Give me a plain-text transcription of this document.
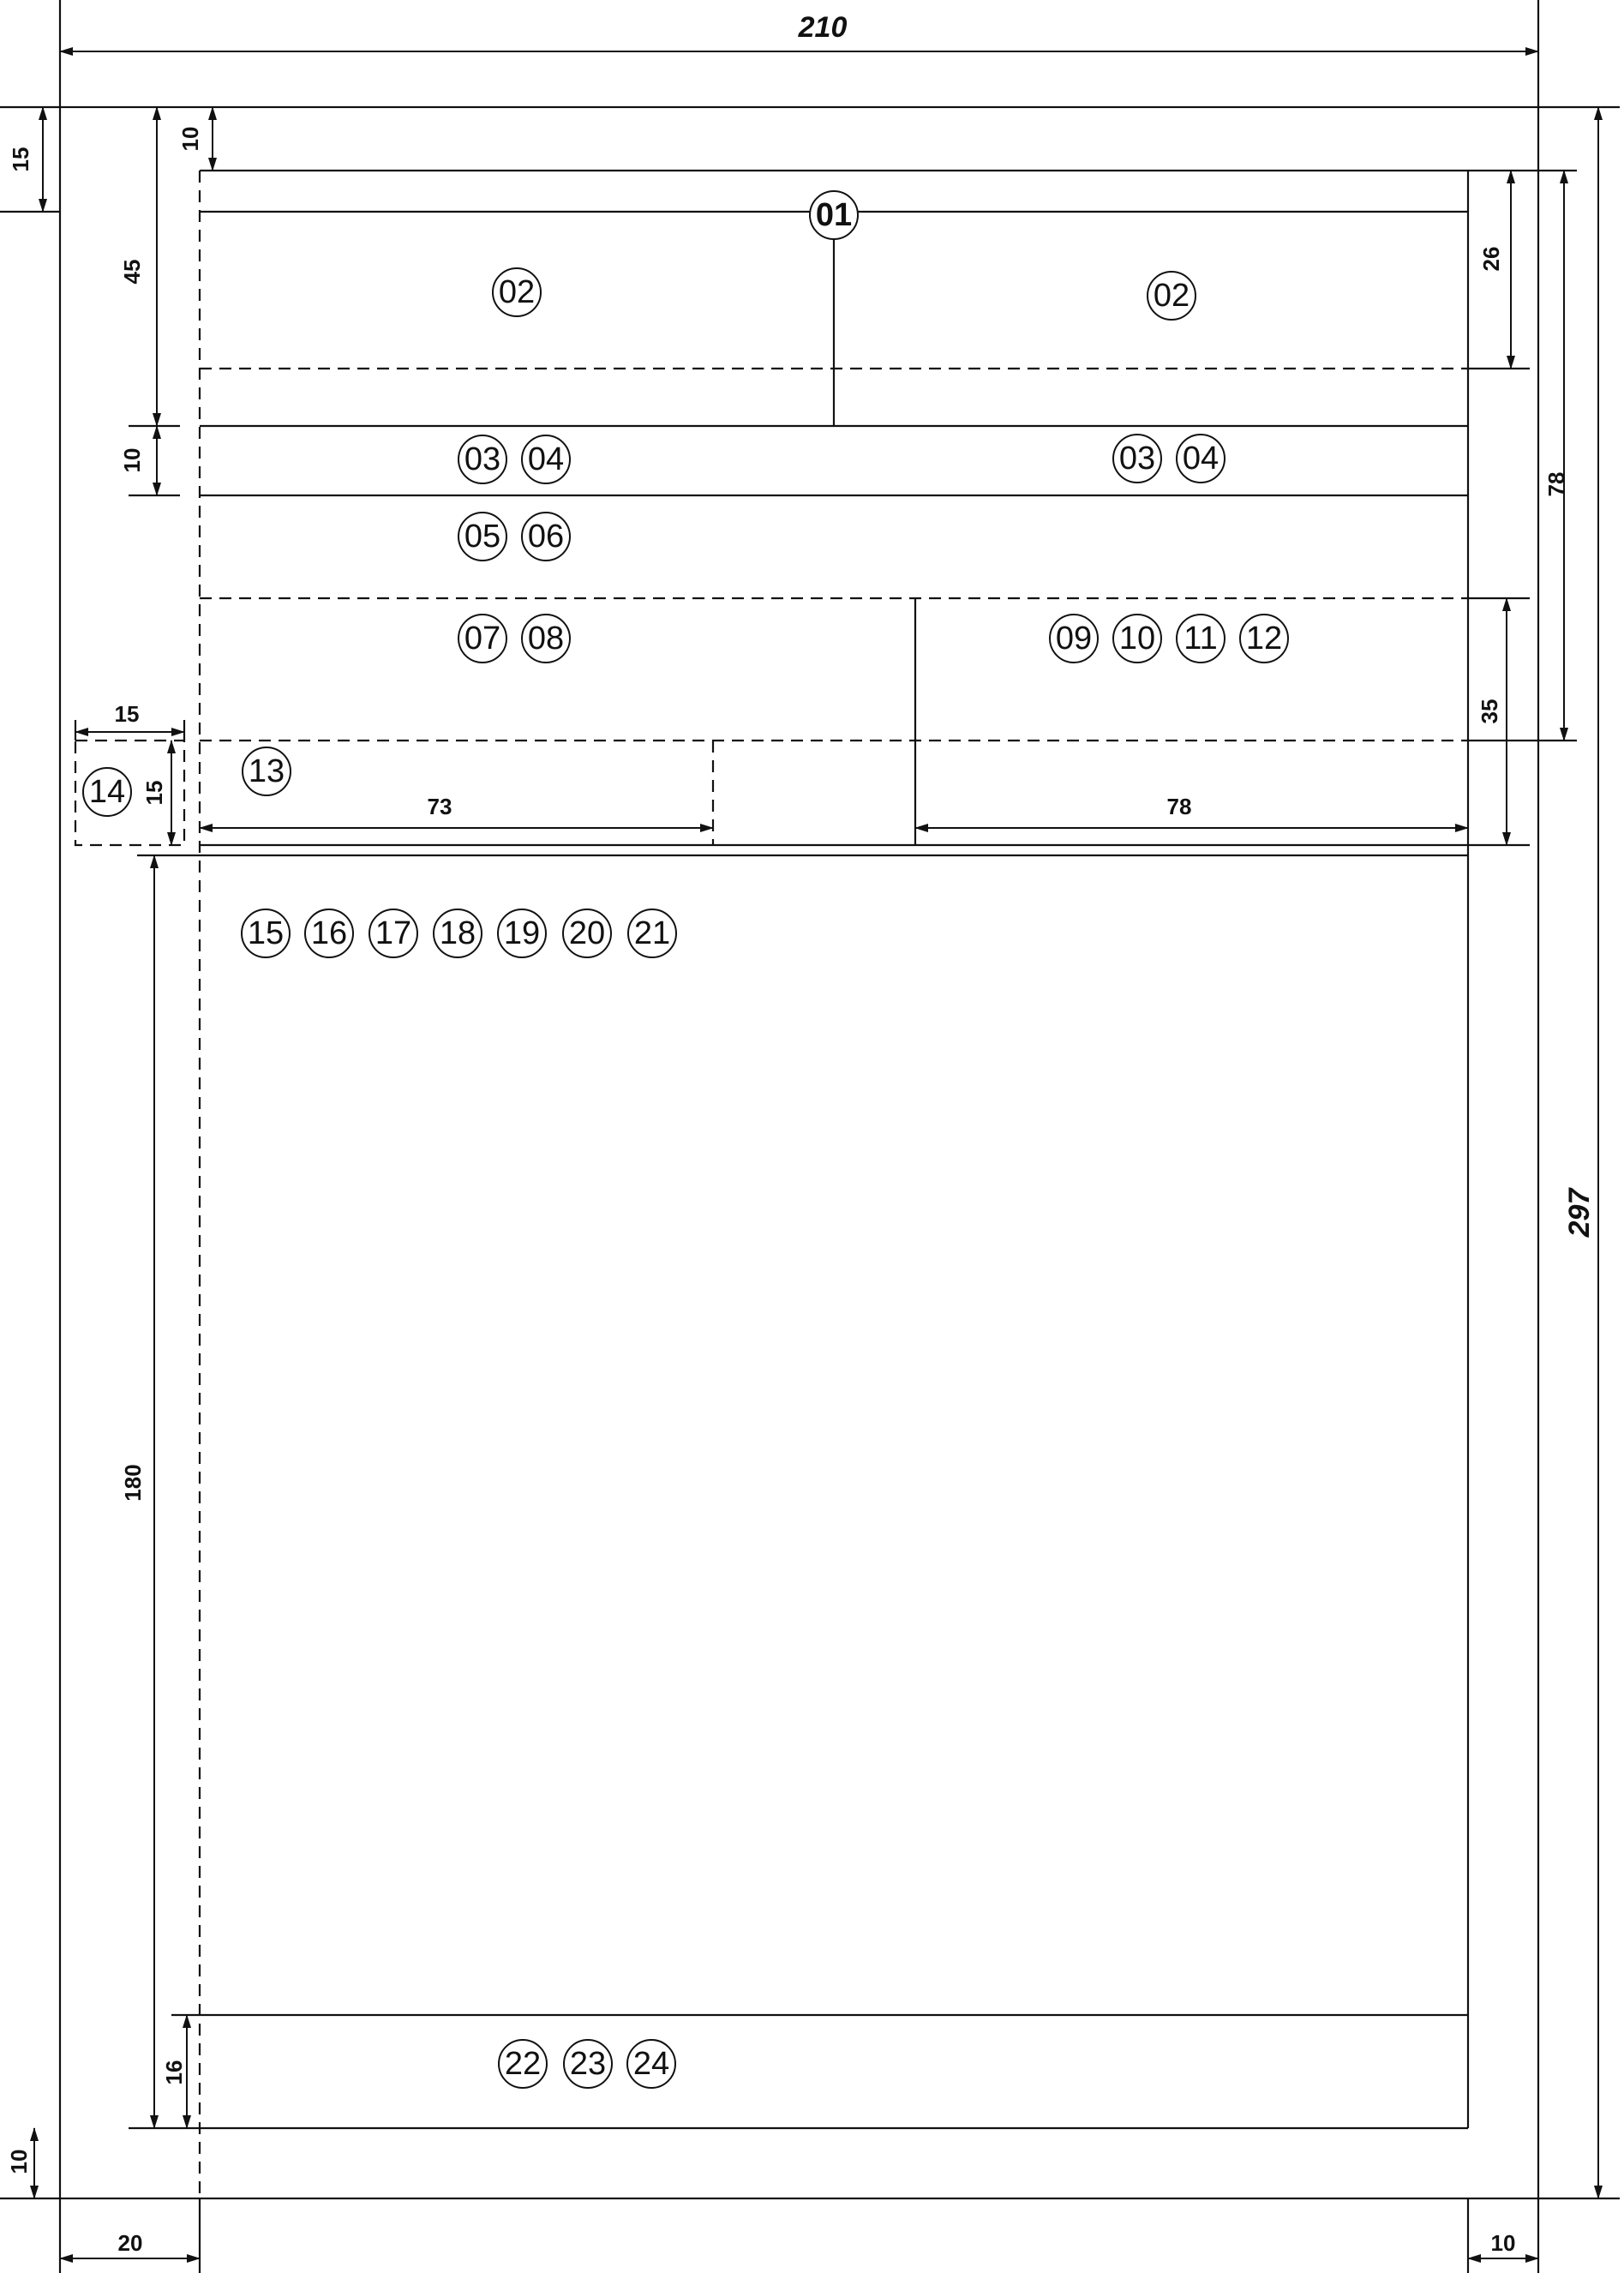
210
297
15
10
45
10
26
78
35
15
15
73	78
180
16
10
20	10
01
02	02
03 04	03 04
05 06
07 08	09 10 11 12
13
14
15 16 17 18 19 20 21
22 23 24
